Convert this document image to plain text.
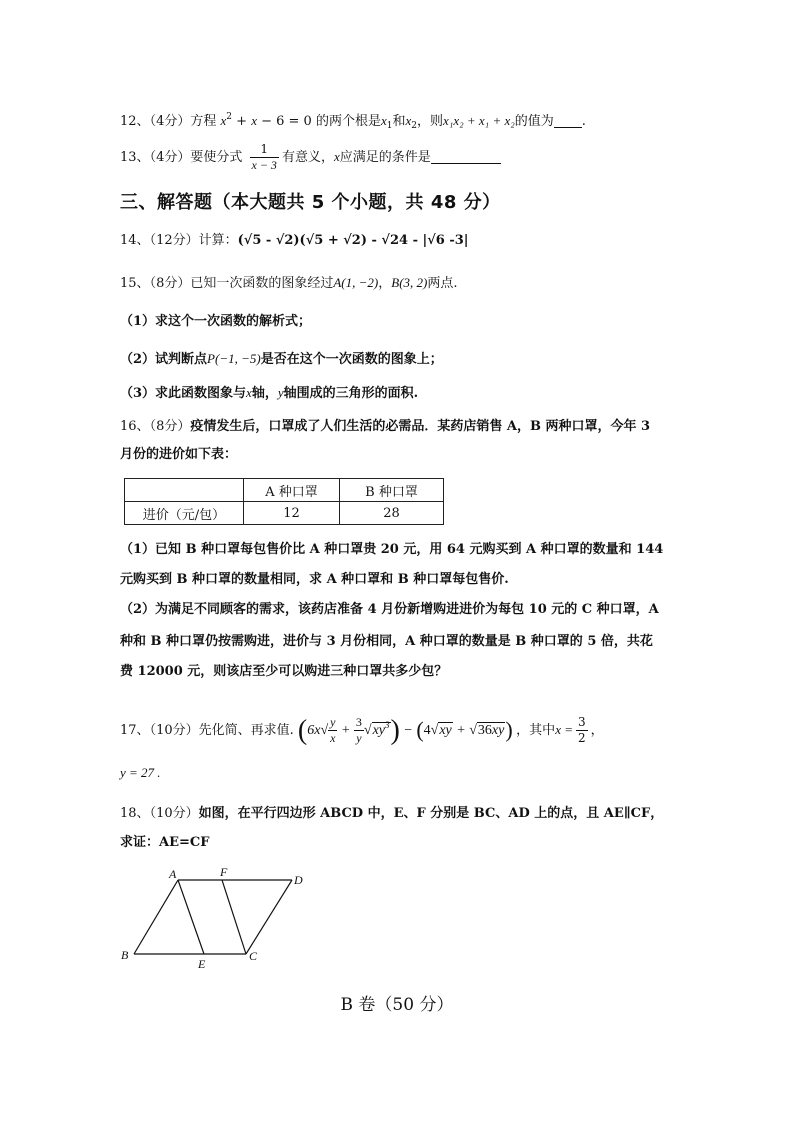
12、（4分）方程 $x^2 + x - 6 = 0$ 的两个根是$x_1$和$x_2$，则x₁x₂ + x₁ + x₂的值为 .
13、（4分）要使分式 $\frac{1}{x - 3}$ 有意义，x应满足的条件是
三、解答题（本大题共 5 个小题，共 48 分）
14、（12分）计算：(√5 - √2)(√5 + √2) - √24 - |√6 -3|
15、（8分）已知一次函数的图象经过A(1, −2)，B(3, 2)两点.
（1）求这个一次函数的解析式；
（2）试判断点P(−1, −5)是否在这个一次函数的图象上；
（3）求此函数图象与x轴，y轴围成的三角形的面积.
16、（8分）疫情发生后，口罩成了人们生活的必需品．某药店销售 A，B 两种口罩，今年 3
月份的进价如下表：
	A 种口罩	B 种口罩
进价（元/包）	12	28
（1）已知 B 种口罩每包售价比 A 种口罩贵 20 元，用 64 元购买到 A 种口罩的数量和 144
元购买到 B 种口罩的数量相同，求 A 种口罩和 B 种口罩每包售价.
（2）为满足不同顾客的需求，该药店准备 4 月份新增购进进价为每包 10 元的 C 种口罩，A
种和 B 种口罩仍按需购进，进价与 3 月份相同，A 种口罩的数量是 B 种口罩的 5 倍，共花
费 12000 元，则该店至少可以购进三种口罩共多少包？
17、（10分）先化简、再求值. $(6x√ \frac{y}{x} + \frac{3}{y} √xy^3) - (4√xy + √36xy)$ ，其中$x = \frac{3}{2}$ ，
y = 27 .
18、（10分）如图，在平行四边形 ABCD 中，E、F 分别是 BC、AD 上的点，且 AE∥CF，
求证：AE=CF
A	F
D
B
E
C
B 卷（50 分）
